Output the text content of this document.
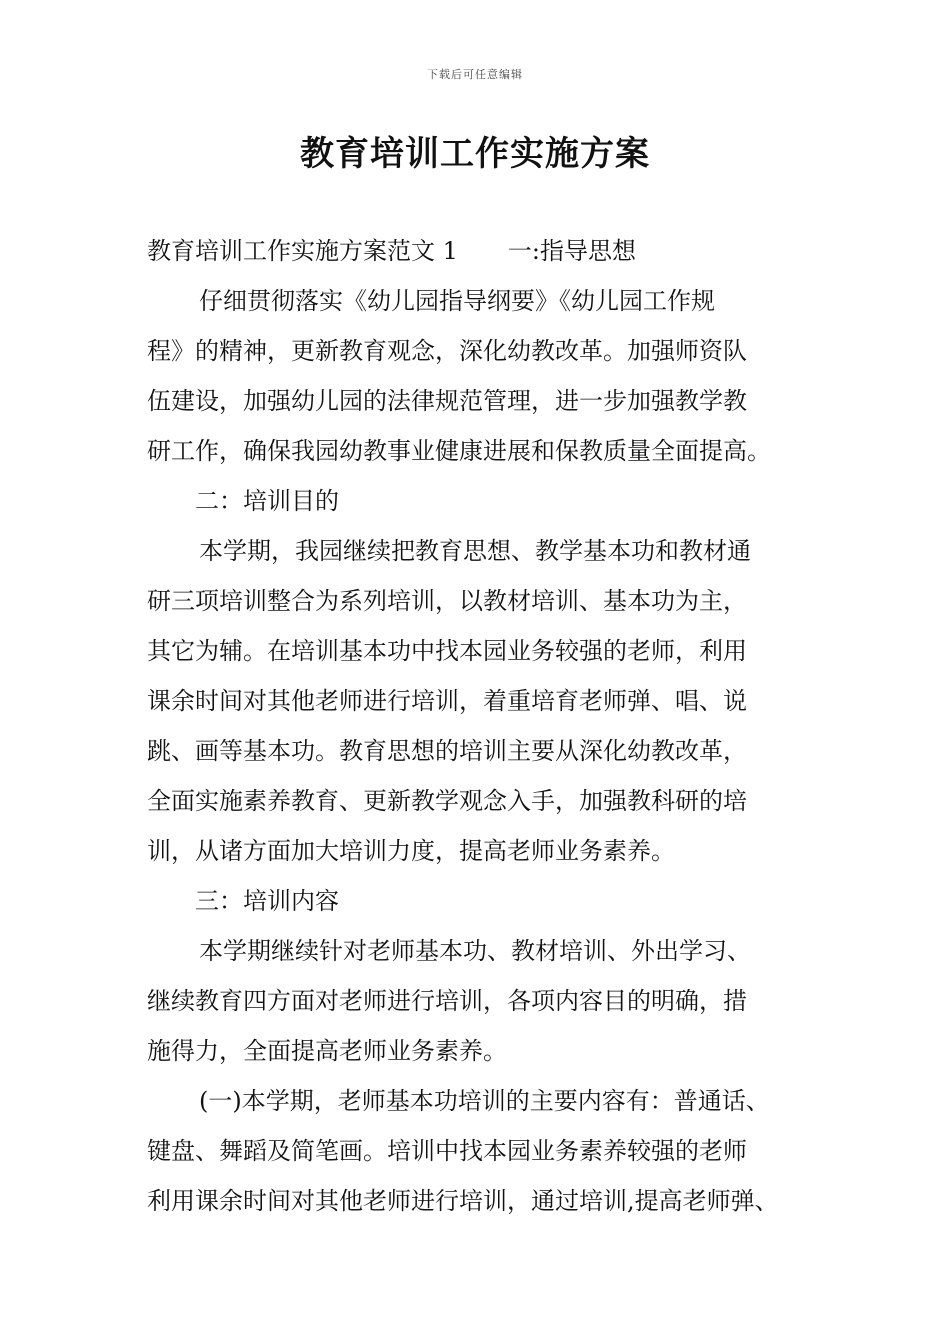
下载后可任意编辑
教育培训工作实施方案
教育培训工作实施方案范文 1 一:指导思想
仔细贯彻落实《幼儿园指导纲要》《幼儿园工作规
程》的精神，更新教育观念，深化幼教改革。加强师资队
伍建设，加强幼儿园的法律规范管理，进一步加强教学教
研工作，确保我园幼教事业健康进展和保教质量全面提高。
二：培训目的
本学期，我园继续把教育思想、教学基本功和教材通
研三项培训整合为系列培训，以教材培训、基本功为主，
其它为辅。在培训基本功中找本园业务较强的老师，利用
课余时间对其他老师进行培训，着重培育老师弹、唱、说
跳、画等基本功。教育思想的培训主要从深化幼教改革，
全面实施素养教育、更新教学观念入手，加强教科研的培
训，从诸方面加大培训力度，提高老师业务素养。
三：培训内容
本学期继续针对老师基本功、教材培训、外出学习、
继续教育四方面对老师进行培训，各项内容目的明确，措
施得力，全面提高老师业务素养。
(一)本学期，老师基本功培训的主要内容有：普通话、
键盘、舞蹈及简笔画。培训中找本园业务素养较强的老师
利用课余时间对其他老师进行培训，通过培训,提高老师弹、
